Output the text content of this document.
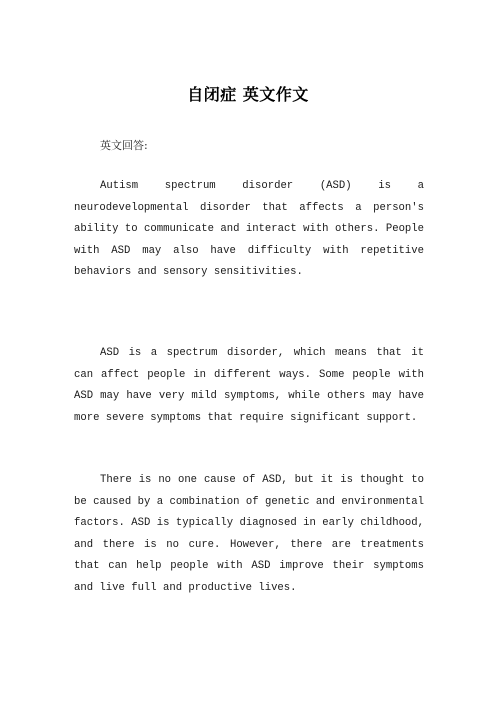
自闭症 英文作文

英文回答:

Autism spectrum disorder (ASD) is a neurodevelopmental disorder that affects a person's ability to communicate and interact with others. People with ASD may also have difficulty with repetitive behaviors and sensory sensitivities.

ASD is a spectrum disorder, which means that it can affect people in different ways. Some people with ASD may have very mild symptoms, while others may have more severe symptoms that require significant support.

There is no one cause of ASD, but it is thought to be caused by a combination of genetic and environmental factors. ASD is typically diagnosed in early childhood, and there is no cure. However, there are treatments that can help people with ASD improve their symptoms and live full and productive lives.
